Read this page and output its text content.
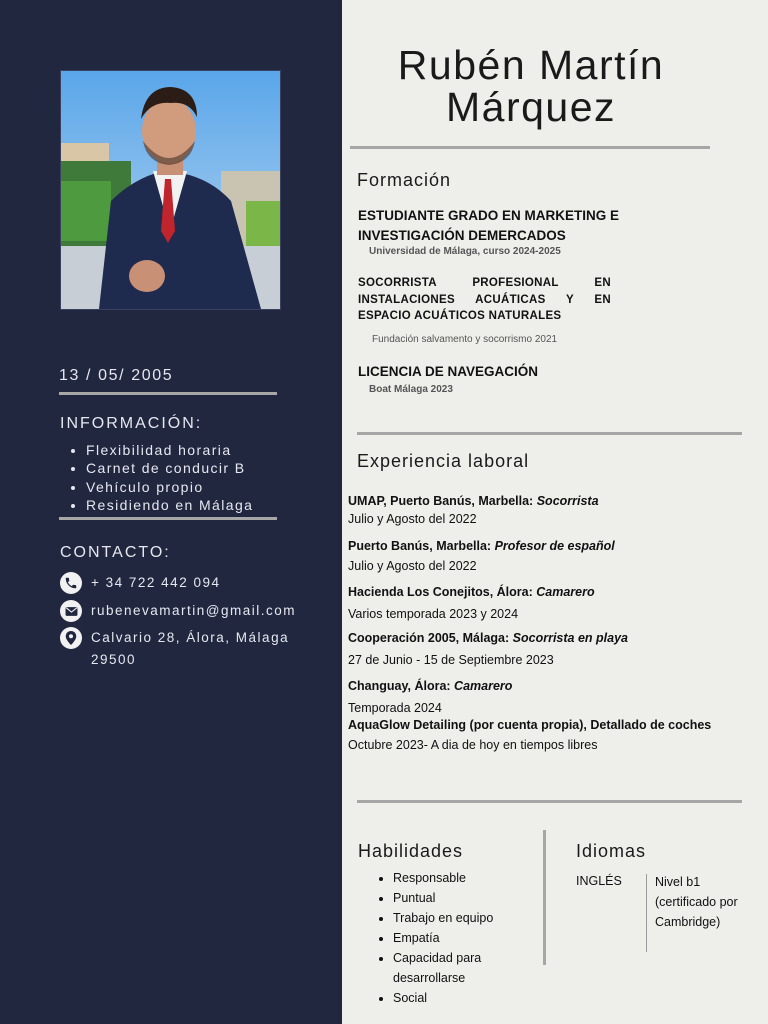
13 / 05/ 2005
INFORMACIÓN:
• Flexibilidad horaria
• Carnet de conducir B
• Vehículo propio
• Residiendo en Málaga
CONTACTO:
+ 34 722 442 094
rubenevamartin@gmail.com
Calvario 28, Álora, Málaga
29500
Rubén Martín
Márquez
Formación
ESTUDIANTE GRADO EN MARKETING E
INVESTIGACIÓN DEMERCADOS
Universidad de Málaga, curso 2024-2025
SOCORRISTA PROFESIONAL EN
INSTALACIONES ACUÁTICAS Y EN
ESPACIO ACUÁTICOS NATURALES
Fundación salvamento y socorrismo 2021
LICENCIA DE NAVEGACIÓN
Boat Málaga 2023
Experiencia laboral
UMAP, Puerto Banús, Marbella: Socorrista
Julio y Agosto del 2022
Puerto Banús, Marbella: Profesor de español
Julio y Agosto del 2022
Hacienda Los Conejitos, Álora: Camarero
Varios temporada 2023 y 2024
Cooperación 2005, Málaga: Socorrista en playa
27 de Junio - 15 de Septiembre 2023
Changuay, Álora: Camarero
Temporada 2024
AquaGlow Detailing (por cuenta propia), Detallado de coches
Octubre 2023- A dia de hoy en tiempos libres
Habilidades
• Responsable
• Puntual
• Trabajo en equipo
• Empatía
• Capacidad para desarrollarse
• Social
Idiomas
INGLÉS	Nivel b1
(certificado por
Cambridge)
